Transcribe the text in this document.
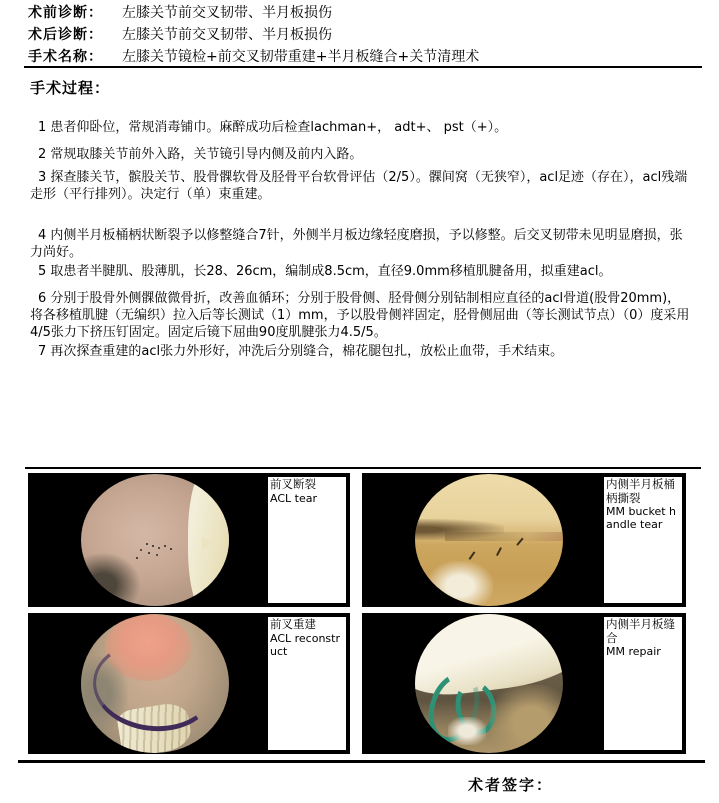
术前诊断：	左膝关节前交叉韧带、半月板损伤
术后诊断：	左膝关节前交叉韧带、半月板损伤
手术名称：	左膝关节镜检+前交叉韧带重建+半月板缝合+关节清理术
手术过程：

1 患者仰卧位，常规消毒铺巾。麻醉成功后检查lachman+， adt+、 pst（+）。

2 常规取膝关节前外入路，关节镜引导内侧及前内入路。

3 探查膝关节，髌股关节、股骨髁软骨及胫骨平台软骨评估（2/5）。髁间窝（无狭窄），acl足迹（存在），acl残端走形（平行排列）。决定行（单）束重建。

4 内侧半月板桶柄状断裂予以修整缝合7针，外侧半月板边缘轻度磨损，予以修整。后交叉韧带未见明显磨损，张力尚好。

5 取患者半腱肌、股薄肌，长28、26cm，编制成8.5cm，直径9.0mm移植肌腱备用，拟重建acl。

6 分别于股骨外侧髁做微骨折，改善血循环；分别于股骨侧、胫骨侧分别钻制相应直径的acl骨道(股骨20mm)，将各移植肌腱（无编织）拉入后等长测试（1）mm，予以股骨侧袢固定，胫骨侧屈曲（等长测试节点）（0）度采用4/5张力下挤压钉固定。固定后镜下屈曲90度肌腱张力4.5/5。

7 再次探查重建的acl张力外形好，冲洗后分别缝合，棉花腿包扎，放松止血带，手术结束。

前叉断裂
ACL tear
内侧半月板桶柄撕裂
MM bucket handle tear
前叉重建
ACL reconstruct
内侧半月板缝合
MM repair
术者签字：
